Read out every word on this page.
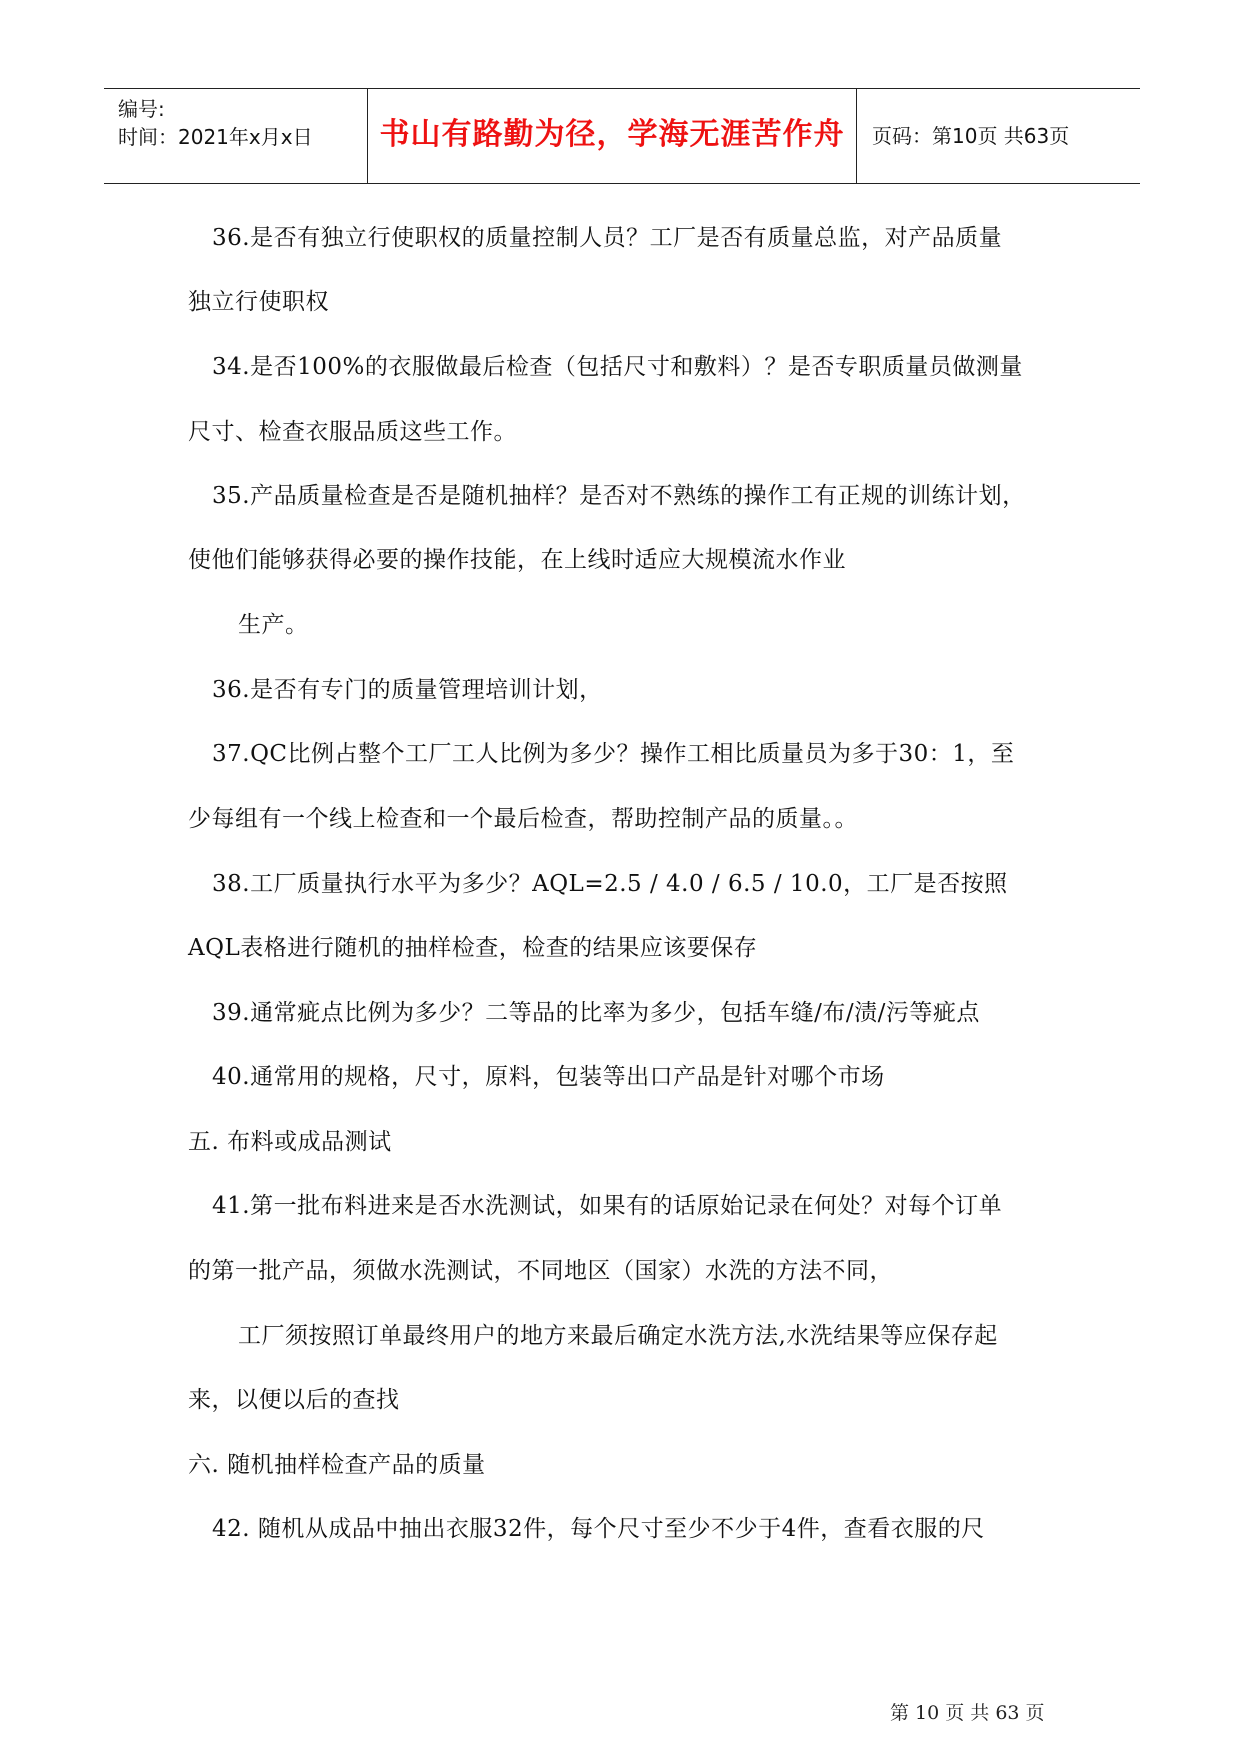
编号:
时间：2021年x月x日	书山有路勤为径，学海无涯苦作舟	页码：第10页 共63页
36.是否有独立行使职权的质量控制人员？工厂是否有质量总监，对产品质量
独立行使职权
34.是否100%的衣服做最后检查（包括尺寸和敷料）？是否专职质量员做测量
尺寸、检查衣服品质这些工作。
35.产品质量检查是否是随机抽样？是否对不熟练的操作工有正规的训练计划，
使他们能够获得必要的操作技能，在上线时适应大规模流水作业
生产。
36.是否有专门的质量管理培训计划，
37.QC比例占整个工厂工人比例为多少？操作工相比质量员为多于30：1，至
少每组有一个线上检查和一个最后检查，帮助控制产品的质量。。
38.工厂质量执行水平为多少？AQL=2.5 / 4.0 / 6.5 / 10.0，工厂是否按照
AQL表格进行随机的抽样检查，检查的结果应该要保存
39.通常疵点比例为多少？二等品的比率为多少，包括车缝/布/渍/污等疵点
40.通常用的规格，尺寸，原料，包装等出口产品是针对哪个市场
五. 布料或成品测试
41.第一批布料进来是否水洗测试，如果有的话原始记录在何处？对每个订单
的第一批产品，须做水洗测试，不同地区（国家）水洗的方法不同，
工厂须按照订单最终用户的地方来最后确定水洗方法,水洗结果等应保存起
来，以便以后的查找
六. 随机抽样检查产品的质量
42. 随机从成品中抽出衣服32件，每个尺寸至少不少于4件，查看衣服的尺
第 10 页 共 63 页
